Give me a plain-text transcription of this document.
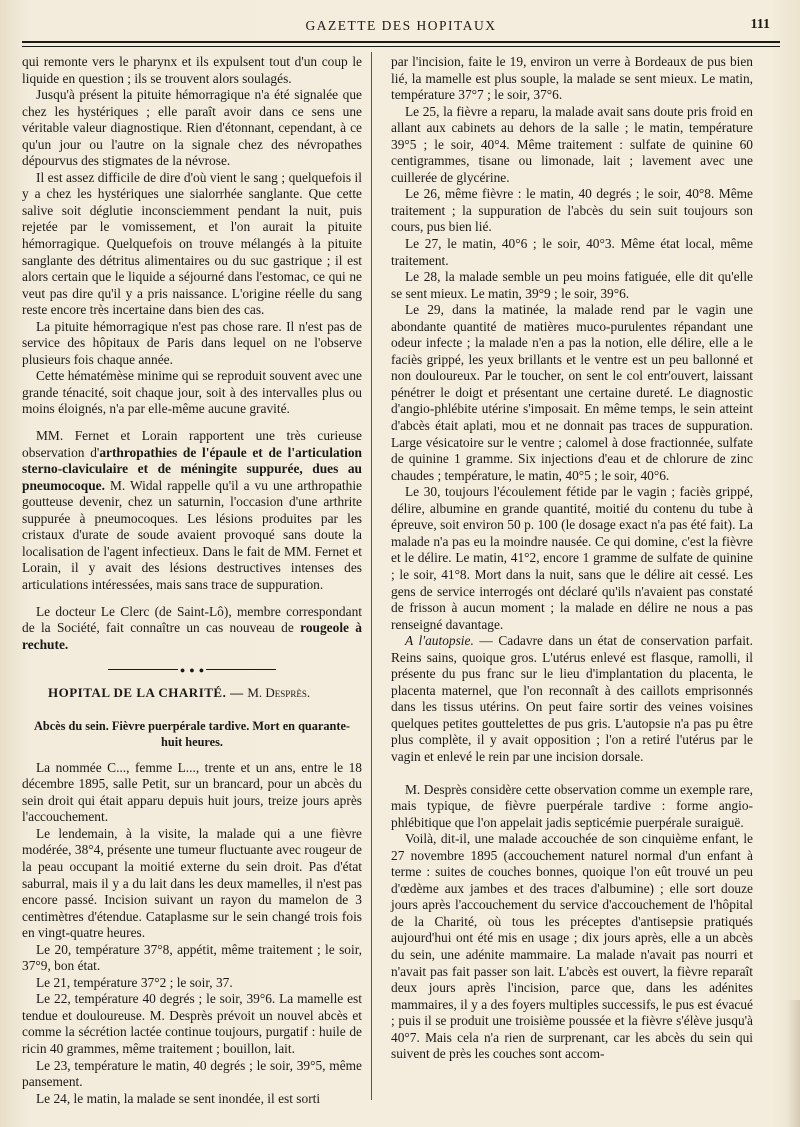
GAZETTE DES HOPITAUX	111

qui remonte vers le pharynx et ils expulsent tout d'un coup le liquide en question ; ils se trouvent alors soulagés.

Jusqu'à présent la pituite hémorragique n'a été signalée que chez les hystériques ; elle paraît avoir dans ce sens une véritable valeur diagnostique. Rien d'étonnant, cependant, à ce qu'un jour ou l'autre on la signale chez des névropathes dépourvus des stigmates de la névrose.

Il est assez difficile de dire d'où vient le sang ; quelquefois il y a chez les hystériques une sialorrhée sanglante. Que cette salive soit déglutie inconsciemment pendant la nuit, puis rejetée par le vomissement, et l'on aurait la pituite hémorragique. Quelquefois on trouve mélangés à la pituite sanglante des détritus alimentaires ou du suc gastrique ; il est alors certain que le liquide a séjourné dans l'estomac, ce qui ne veut pas dire qu'il y a pris naissance. L'origine réelle du sang reste encore très incertaine dans bien des cas.

La pituite hémorragique n'est pas chose rare. Il n'est pas de service des hôpitaux de Paris dans lequel on ne l'observe plusieurs fois chaque année.

Cette hématémèse minime qui se reproduit souvent avec une grande ténacité, soit chaque jour, soit à des intervalles plus ou moins éloignés, n'a par elle-même aucune gravité.

MM. Fernet et Lorain rapportent une très curieuse observation d'arthropathies de l'épaule et de l'articulation sterno-claviculaire et de méningite suppurée, dues au pneumocoque. M. Widal rappelle qu'il a vu une arthropathie goutteuse devenir, chez un saturnin, l'occasion d'une arthrite suppurée à pneumocoques. Les lésions produites par les cristaux d'urate de soude avaient provoqué sans doute la localisation de l'agent infectieux. Dans le fait de MM. Fernet et Lorain, il y avait des lésions destructives intenses des articulations intéressées, mais sans trace de suppuration.

Le docteur Le Clerc (de Saint-Lô), membre correspondant de la Société, fait connaître un cas nouveau de rougeole à rechute.

● ● ●

HOPITAL DE LA CHARITÉ. — M. Desprès.

Abcès du sein. Fièvre puerpérale tardive. Mort en quarante-huit heures.

La nommée C..., femme L..., trente et un ans, entre le 18 décembre 1895, salle Petit, sur un brancard, pour un abcès du sein droit qui était apparu depuis huit jours, treize jours après l'accouchement.

Le lendemain, à la visite, la malade qui a une fièvre modérée, 38°4, présente une tumeur fluctuante avec rougeur de la peau occupant la moitié externe du sein droit. Pas d'état saburral, mais il y a du lait dans les deux mamelles, il n'est pas encore passé. Incision suivant un rayon du mamelon de 3 centimètres d'étendue. Cataplasme sur le sein changé trois fois en vingt-quatre heures.

Le 20, température 37°8, appétit, même traitement ; le soir, 37°9, bon état.

Le 21, température 37°2 ; le soir, 37.

Le 22, température 40 degrés ; le soir, 39°6. La mamelle est tendue et douloureuse. M. Desprès prévoit un nouvel abcès et comme la sécrétion lactée continue toujours, purgatif : huile de ricin 40 grammes, même traitement ; bouillon, lait.

Le 23, température le matin, 40 degrés ; le soir, 39°5, même pansement.

Le 24, le matin, la malade se sent inondée, il est sorti

par l'incision, faite le 19, environ un verre à Bordeaux de pus bien lié, la mamelle est plus souple, la malade se sent mieux. Le matin, température 37°7 ; le soir, 37°6.

Le 25, la fièvre a reparu, la malade avait sans doute pris froid en allant aux cabinets au dehors de la salle ; le matin, température 39°5 ; le soir, 40°4. Même traitement : sulfate de quinine 60 centigrammes, tisane ou limonade, lait ; lavement avec une cuillerée de glycérine.

Le 26, même fièvre : le matin, 40 degrés ; le soir, 40°8. Même traitement ; la suppuration de l'abcès du sein suit toujours son cours, pus bien lié.

Le 27, le matin, 40°6 ; le soir, 40°3. Même état local, même traitement.

Le 28, la malade semble un peu moins fatiguée, elle dit qu'elle se sent mieux. Le matin, 39°9 ; le soir, 39°6.

Le 29, dans la matinée, la malade rend par le vagin une abondante quantité de matières muco-purulentes répandant une odeur infecte ; la malade n'en a pas la notion, elle délire, elle a le faciès grippé, les yeux brillants et le ventre est un peu ballonné et non douloureux. Par le toucher, on sent le col entr'ouvert, laissant pénétrer le doigt et présentant une certaine dureté. Le diagnostic d'angio-phlébite utérine s'imposait. En même temps, le sein atteint d'abcès était aplati, mou et ne donnait pas traces de suppuration. Large vésicatoire sur le ventre ; calomel à dose fractionnée, sulfate de quinine 1 gramme. Six injections d'eau et de chlorure de zinc chaudes ; température, le matin, 40°5 ; le soir, 40°6.

Le 30, toujours l'écoulement fétide par le vagin ; faciès grippé, délire, albumine en grande quantité, moitié du contenu du tube à épreuve, soit environ 50 p. 100 (le dosage exact n'a pas été fait). La malade n'a pas eu la moindre nausée. Ce qui domine, c'est la fièvre et le délire. Le matin, 41°2, encore 1 gramme de sulfate de quinine ; le soir, 41°8. Mort dans la nuit, sans que le délire ait cessé. Les gens de service interrogés ont déclaré qu'ils n'avaient pas constaté de frisson à aucun moment ; la malade en délire ne nous a pas renseigné davantage.

A l'autopsie. — Cadavre dans un état de conservation parfait. Reins sains, quoique gros. L'utérus enlevé est flasque, ramolli, il présente du pus franc sur le lieu d'implantation du placenta, le placenta maternel, que l'on reconnaît à des caillots emprisonnés dans les tissus utérins. On peut faire sortir des veines voisines quelques petites gouttelettes de pus gris. L'autopsie n'a pas pu être plus complète, il y avait opposition ; l'on a retiré l'utérus par le vagin et enlevé le rein par une incision dorsale.

M. Desprès considère cette observation comme un exemple rare, mais typique, de fièvre puerpérale tardive : forme angio-phlébitique que l'on appelait jadis septicémie puerpérale suraiguë.

Voilà, dit-il, une malade accouchée de son cinquième enfant, le 27 novembre 1895 (accouchement naturel normal d'un enfant à terme : suites de couches bonnes, quoique l'on eût trouvé un peu d'œdème aux jambes et des traces d'albumine) ; elle sort douze jours après l'accouchement du service d'accouchement de l'hôpital de la Charité, où tous les préceptes d'antisepsie pratiqués aujourd'hui ont été mis en usage ; dix jours après, elle a un abcès du sein, une adénite mammaire. La malade n'avait pas nourri et n'avait pas fait passer son lait. L'abcès est ouvert, la fièvre reparaît deux jours après l'incision, parce que, dans les adénites mammaires, il y a des foyers multiples successifs, le pus est évacué ; puis il se produit une troisième poussée et la fièvre s'élève jusqu'à 40°7. Mais cela n'a rien de surprenant, car les abcès du sein qui suivent de près les couches sont accom-
